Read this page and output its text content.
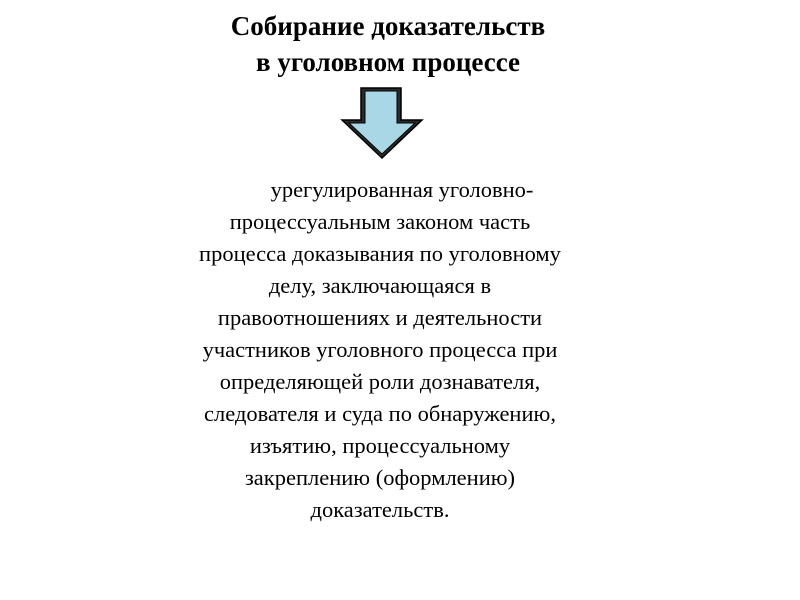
Собирание доказательств
в уголовном процессе
урегулированная уголовно-
процессуальным законом часть
процесса доказывания по уголовному
делу, заключающаяся в
правоотношениях и деятельности
участников уголовного процесса при
определяющей роли дознавателя,
следователя и суда по обнаружению,
изъятию, процессуальному
закреплению (оформлению)
доказательств.
